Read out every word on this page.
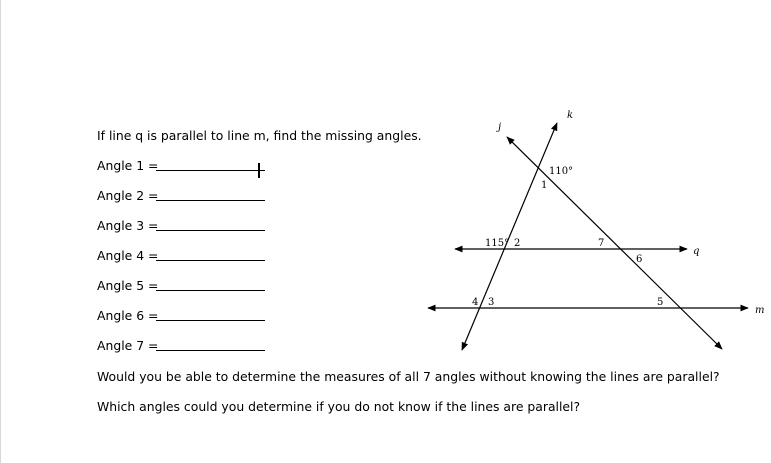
If line q is parallel to line m, find the missing angles.
Angle 1 =
Angle 2 =
Angle 3 =
Angle 4 =
Angle 5 =
Angle 6 =
Angle 7 =
Would you be able to determine the measures of all 7 angles without knowing the lines are parallel?
Which angles could you determine if you do not know if the lines are parallel?
j
k
q
m
110°
115°
1
2
3
4	5
6
7
